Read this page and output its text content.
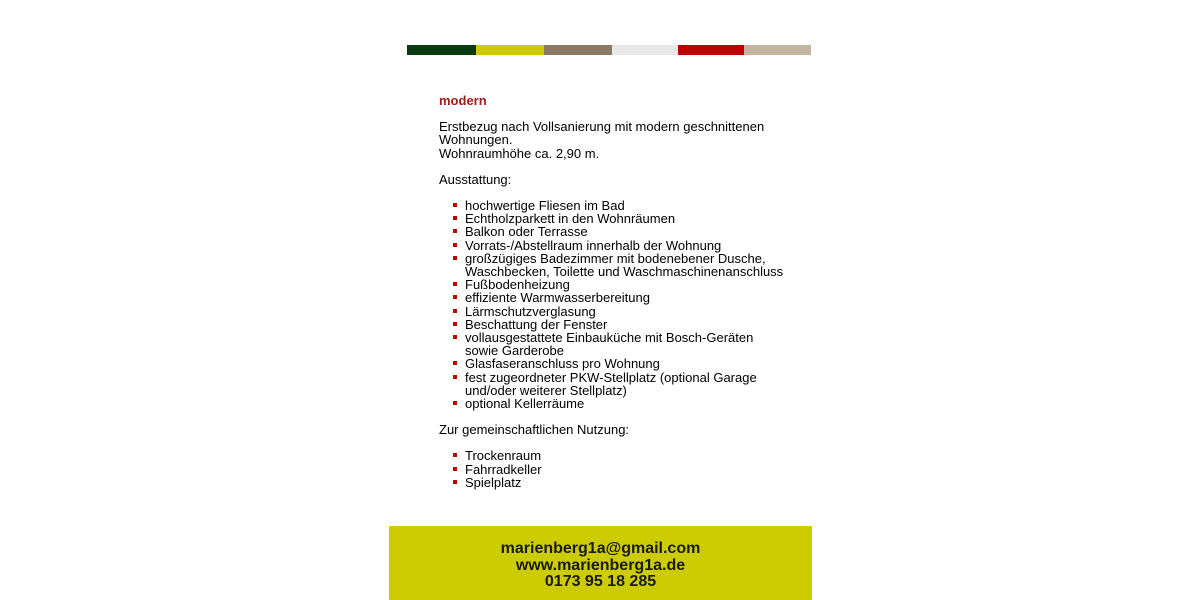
modern

Erstbezug nach Vollsanierung mit modern geschnittenen Wohnungen.

Wohnraumhöhe ca. 2,90 m.

Ausstattung:

hochwertige Fliesen im Bad
Echtholzparkett in den Wohnräumen
Balkon oder Terrasse
Vorrats-/Abstellraum innerhalb der Wohnung
großzügiges Badezimmer mit bodenebener Dusche, Waschbecken, Toilette und Waschmaschinenanschluss
Fußbodenheizung
effiziente Warmwasserbereitung
Lärmschutzverglasung
Beschattung der Fenster
vollausgestattete Einbauküche mit Bosch-Geräten sowie Garderobe
Glasfaseranschluss pro Wohnung
fest zugeordneter PKW-Stellplatz (optional Garage und/oder weiterer Stellplatz)
optional Kellerräume

Zur gemeinschaftlichen Nutzung:

Trockenraum
Fahrradkeller
Spielplatz
marienberg1a@gmail.com
www.marienberg1a.de
0173 95 18 285
